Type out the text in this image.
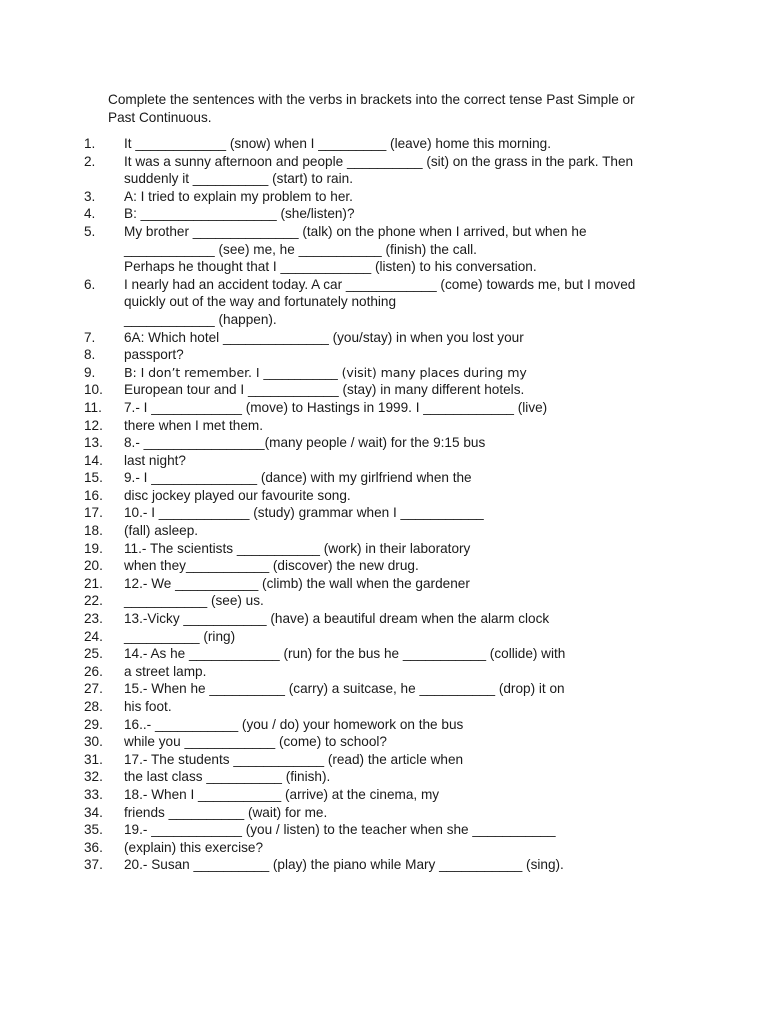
Complete the sentences with the verbs in brackets into the correct tense Past Simple or
Past Continuous.

1.	It ____________ (snow) when I _________ (leave) home this morning.
2.	It was a sunny afternoon and people __________ (sit) on the grass in the park. Then
suddenly it __________ (start) to rain.
3.	A: I tried to explain my problem to her.
4.	B: __________________ (she/listen)?
5.	My brother ______________ (talk) on the phone when I arrived, but when he
____________ (see) me, he ___________ (finish) the call.
Perhaps he thought that I ____________ (listen) to his conversation.
6.	I nearly had an accident today. A car ____________ (come) towards me, but I moved
quickly out of the way and fortunately nothing
____________ (happen).
7.	6A: Which hotel ______________ (you/stay) in when you lost your
8.	passport?
9.	B: I don’t remember. I ____________ (visit) many places during my
10.	European tour and I ____________ (stay) in many different hotels.
11.	7.- I ____________ (move) to Hastings in 1999. I ____________ (live)
12.	there when I met them.
13.	8.- ________________(many people / wait) for the 9:15 bus
14.	last night?
15.	9.- I ______________ (dance) with my girlfriend when the
16.	disc jockey played our favourite song.
17.	10.- I ____________ (study) grammar when I ___________
18.	(fall) asleep.
19.	11.- The scientists ___________ (work) in their laboratory
20.	when they___________ (discover) the new drug.
21.	12.- We ___________ (climb) the wall when the gardener
22.	___________ (see) us.
23.	13.-Vicky ___________ (have) a beautiful dream when the alarm clock
24.	__________ (ring)
25.	14.- As he ____________ (run) for the bus he ___________ (collide) with
26.	a street lamp.
27.	15.- When he __________ (carry) a suitcase, he __________ (drop) it on
28.	his foot.
29.	16..- ___________ (you / do) your homework on the bus
30.	while you ____________ (come) to school?
31.	17.- The students ____________ (read) the article when
32.	the last class __________ (finish).
33.	18.- When I ___________ (arrive) at the cinema, my
34.	friends __________ (wait) for me.
35.	19.- ____________ (you / listen) to the teacher when she ___________
36.	(explain) this exercise?
37.	20.- Susan __________ (play) the piano while Mary ___________ (sing).
